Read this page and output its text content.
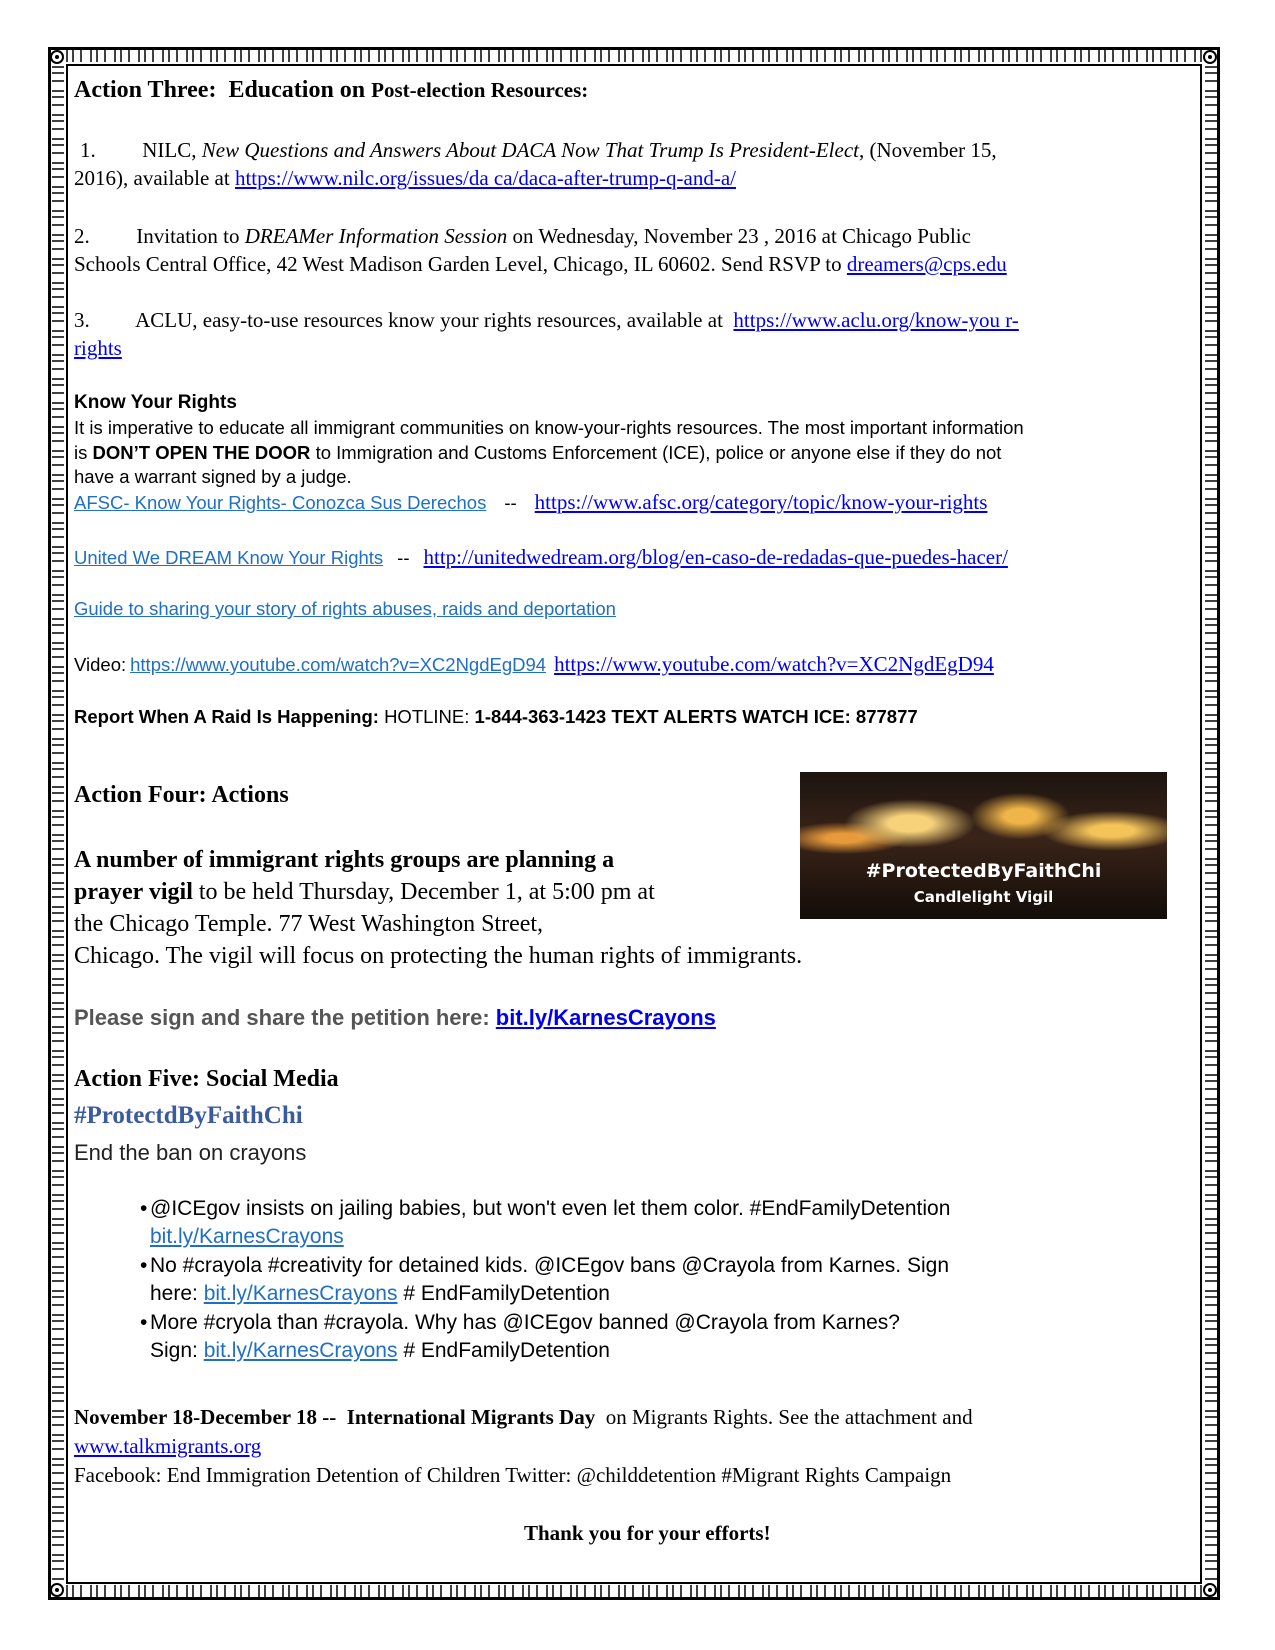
Action Three: Education on Post-election Resources:
1. NILC, New Questions and Answers About DACA Now That Trump Is President-Elect, (November 15,
2016), available at https://www.nilc.org/issues/da ca/daca-after-trump-q-and-a/
2. Invitation to DREAMer Information Session on Wednesday, November 23 , 2016 at Chicago Public
Schools Central Office, 42 West Madison Garden Level, Chicago, IL 60602. Send RSVP to dreamers@cps.edu
3. ACLU, easy-to-use resources know your rights resources, available at https://www.aclu.org/know-you r-
rights
Know Your Rights
It is imperative to educate all immigrant communities on know-your-rights resources. The most important information
is DON’T OPEN THE DOOR to Immigration and Customs Enforcement (ICE), police or anyone else if they do not
have a warrant signed by a judge.
AFSC- Know Your Rights- Conozca Sus Derechos -- https://www.afsc.org/category/topic/know-your-rights
United We DREAM Know Your Rights -- http://unitedwedream.org/blog/en-caso-de-redadas-que-puedes-hacer/
Guide to sharing your story of rights abuses, raids and deportation
Video: https://www.youtube.com/watch?v=XC2NgdEgD94 https://www.youtube.com/watch?v=XC2NgdEgD94
Report When A Raid Is Happening: HOTLINE: 1-844-363-1423 TEXT ALERTS WATCH ICE: 877877
Action Four: Actions
#ProtectedByFaithChi
Candlelight Vigil
A number of immigrant rights groups are planning a
prayer vigil to be held Thursday, December 1, at 5:00 pm at
the Chicago Temple. 77 West Washington Street,
Chicago. The vigil will focus on protecting the human rights of immigrants.
Please sign and share the petition here: bit.ly/KarnesCrayons
Action Five: Social Media
#ProtectdByFaithChi
End the ban on crayons
• @ICEgov insists on jailing babies, but won't even let them color. #EndFamilyDetention
bit.ly/KarnesCrayons
• No #crayola #creativity for detained kids. @ICEgov bans @Crayola from Karnes. Sign
here: bit.ly/KarnesCrayons # EndFamilyDetention
• More #cryola than #crayola. Why has @ICEgov banned @Crayola from Karnes?
Sign: bit.ly/KarnesCrayons # EndFamilyDetention
November 18-December 18 -- International Migrants Day on Migrants Rights. See the attachment and
www.talkmigrants.org
Facebook: End Immigration Detention of Children Twitter: @childdetention #Migrant Rights Campaign
Thank you for your efforts!
